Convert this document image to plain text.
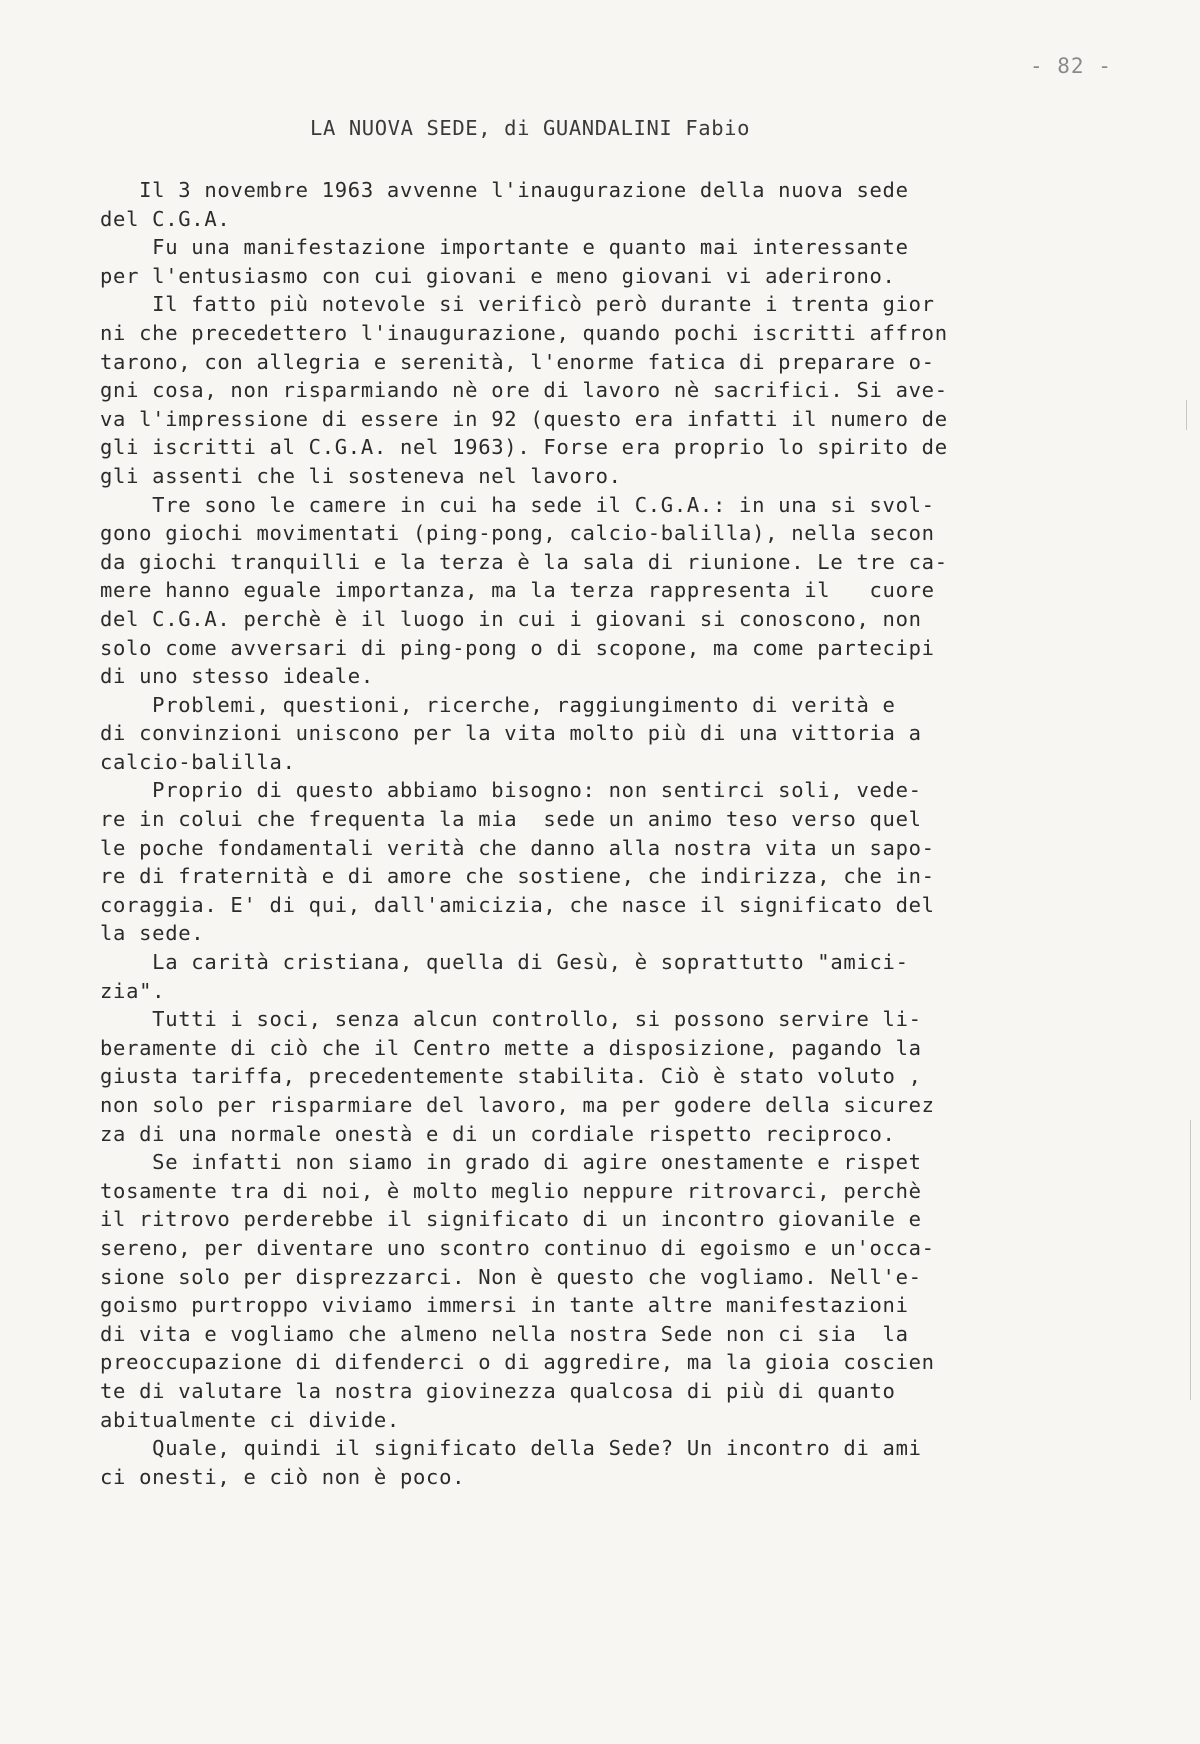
- 82 -
LA NUOVA SEDE, di GUANDALINI Fabio
Il 3 novembre 1963 avvenne l'inaugurazione della nuova sede
del C.G.A.
Fu una manifestazione importante e quanto mai interessante
per l'entusiasmo con cui giovani e meno giovani vi aderirono.
Il fatto più notevole si verificò però durante i trenta gior
ni che precedettero l'inaugurazione, quando pochi iscritti affron
tarono, con allegria e serenità, l'enorme fatica di preparare o-
gni cosa, non risparmiando nè ore di lavoro nè sacrifici. Si ave-
va l'impressione di essere in 92 (questo era infatti il numero de
gli iscritti al C.G.A. nel 1963). Forse era proprio lo spirito de
gli assenti che li sosteneva nel lavoro.
Tre sono le camere in cui ha sede il C.G.A.: in una si svol-
gono giochi movimentati (ping-pong, calcio-balilla), nella secon
da giochi tranquilli e la terza è la sala di riunione. Le tre ca-
mere hanno eguale importanza, ma la terza rappresenta il   cuore
del C.G.A. perchè è il luogo in cui i giovani si conoscono, non
solo come avversari di ping-pong o di scopone, ma come partecipi
di uno stesso ideale.
Problemi, questioni, ricerche, raggiungimento di verità e
di convinzioni uniscono per la vita molto più di una vittoria a
calcio-balilla.
Proprio di questo abbiamo bisogno: non sentirci soli, vede-
re in colui che frequenta la mia  sede un animo teso verso quel
le poche fondamentali verità che danno alla nostra vita un sapo-
re di fraternità e di amore che sostiene, che indirizza, che in-
coraggia. E' di qui, dall'amicizia, che nasce il significato del
la sede.
La carità cristiana, quella di Gesù, è soprattutto "amici-
zia".
Tutti i soci, senza alcun controllo, si possono servire li-
beramente di ciò che il Centro mette a disposizione, pagando la
giusta tariffa, precedentemente stabilita. Ciò è stato voluto ,
non solo per risparmiare del lavoro, ma per godere della sicurez
za di una normale onestà e di un cordiale rispetto reciproco.
Se infatti non siamo in grado di agire onestamente e rispet
tosamente tra di noi, è molto meglio neppure ritrovarci, perchè
il ritrovo perderebbe il significato di un incontro giovanile e
sereno, per diventare uno scontro continuo di egoismo e un'occa-
sione solo per disprezzarci. Non è questo che vogliamo. Nell'e-
goismo purtroppo viviamo immersi in tante altre manifestazioni
di vita e vogliamo che almeno nella nostra Sede non ci sia  la
preoccupazione di difenderci o di aggredire, ma la gioia coscien
te di valutare la nostra giovinezza qualcosa di più di quanto
abitualmente ci divide.
Quale, quindi il significato della Sede? Un incontro di ami
ci onesti, e ciò non è poco.
